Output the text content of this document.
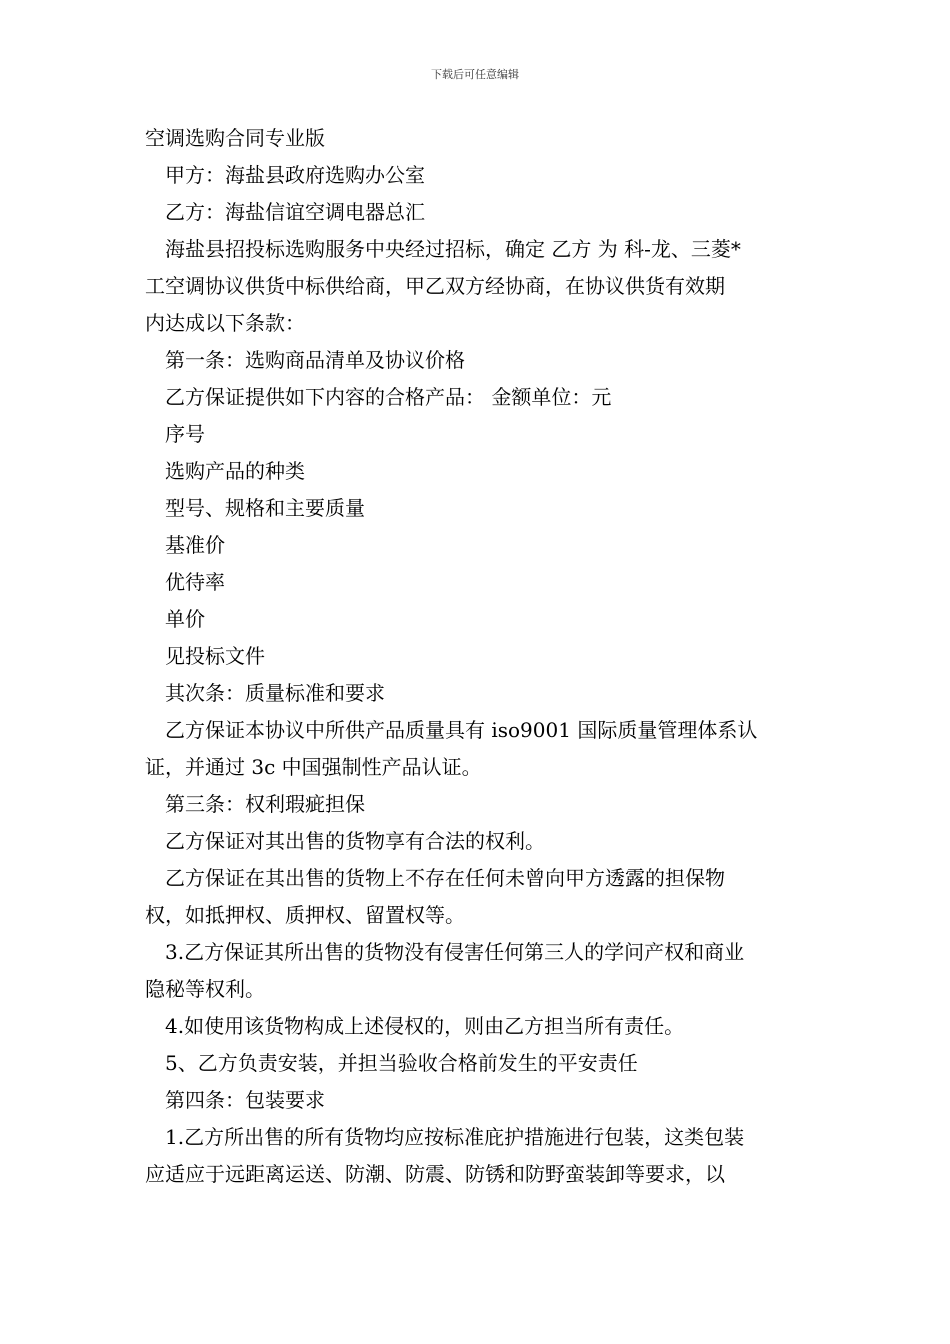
下载后可任意编辑

空调选购合同专业版

甲方：海盐县政府选购办公室

乙方：海盐信谊空调电器总汇

海盐县招投标选购服务中央经过招标，确定 乙方 为 科-龙、三菱*

工空调协议供货中标供给商，甲乙双方经协商，在协议供货有效期

内达成以下条款：

第一条：选购商品清单及协议价格

乙方保证提供如下内容的合格产品： 金额单位：元

序号

选购产品的种类

型号、规格和主要质量

基准价

优待率

单价

见投标文件

其次条：质量标准和要求

乙方保证本协议中所供产品质量具有 iso9001 国际质量管理体系认

证，并通过 3c 中国强制性产品认证。

第三条：权利瑕疵担保

乙方保证对其出售的货物享有合法的权利。

乙方保证在其出售的货物上不存在任何未曾向甲方透露的担保物

权，如抵押权、质押权、留置权等。

3.乙方保证其所出售的货物没有侵害任何第三人的学问产权和商业

隐秘等权利。

4.如使用该货物构成上述侵权的，则由乙方担当所有责任。

5、乙方负责安装，并担当验收合格前发生的平安责任

第四条：包装要求

1.乙方所出售的所有货物均应按标准庇护措施进行包装，这类包装

应适应于远距离运送、防潮、防震、防锈和防野蛮装卸等要求，以
